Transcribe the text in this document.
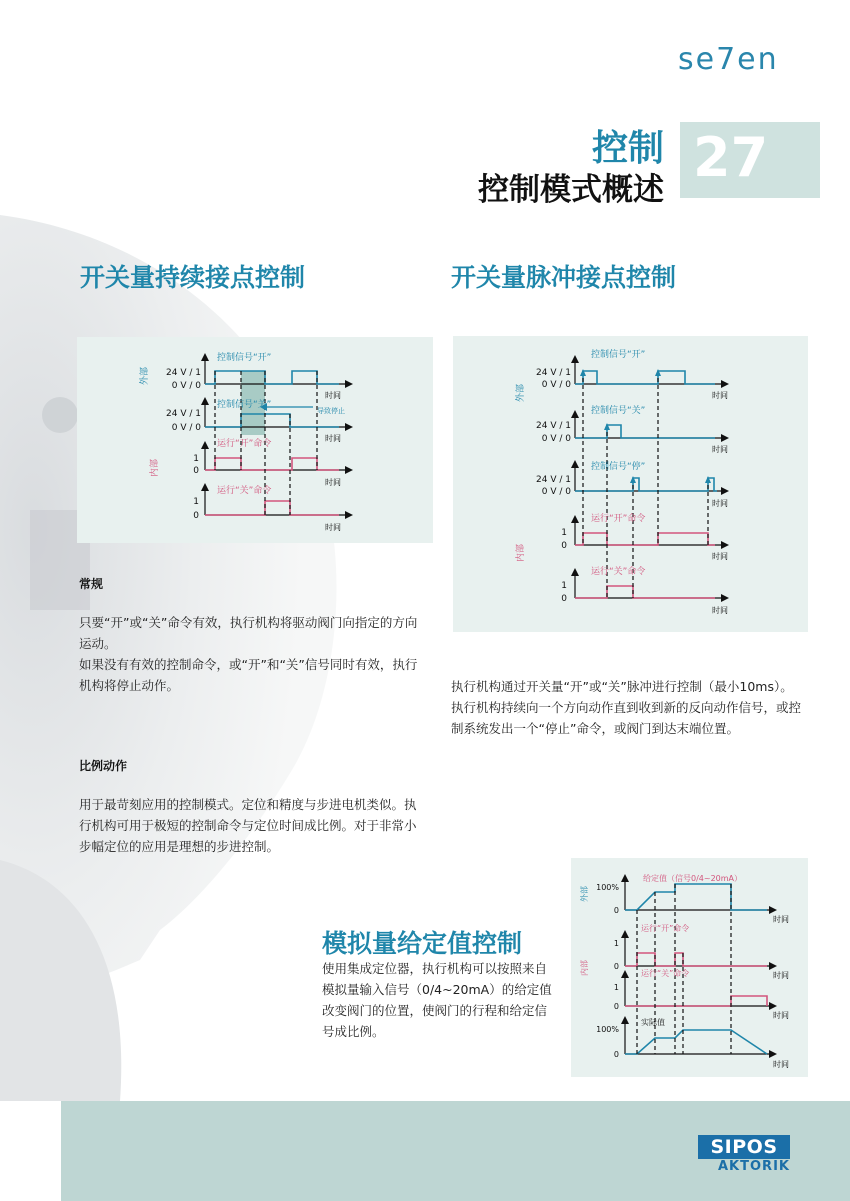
se7en
控制
控制模式概述
27
开关量持续接点控制
控制信号“开”
控制信号“关”
导致停止
运行“开”命令
运行“关”命令
24 V / 1
0 V / 0
24 V / 1
0 V / 0
1
0
1
0
时间
时间
时间
时间
外部
内部
常规

只要“开”或“关”命令有效，执行机构将驱动阀门向指定的方向运动。

如果没有有效的控制命令，或“开”和“关”信号同时有效，执行机构将停止动作。

比例动作
用于最苛刻应用的控制模式。定位和精度与步进电机类似。执行机构可用于极短的控制命令与定位时间成比例。对于非常小步幅定位的应用是理想的步进控制。
开关量脉冲接点控制
控制信号“开”
控制信号“关”
控制信号“停”
运行“开”命令
运行“关”命令
24 V / 1
0 V / 0
24 V / 1
0 V / 0
24 V / 1
0 V / 0
1
0
1
0
时间
时间
时间
时间
时间
外部
内部

执行机构通过开关量“开”或“关”脉冲进行控制（最小10ms）。

执行机构持续向一个方向动作直到收到新的反向动作信号，或控制系统发出一个“停止”命令，或阀门到达末端位置。

模拟量给定值控制
使用集成定位器，执行机构可以按照来自模拟量输入信号（0/4~20mA）的给定值改变阀门的位置，使阀门的行程和给定信号成比例。
给定值（信号0/4~20mA）
运行“开”命令
运行“关”命令
实际值
100%
0
1
0
1
0
100%
0
时间
时间
时间
时间
外部
内部
SIPOS
AKTORIK
